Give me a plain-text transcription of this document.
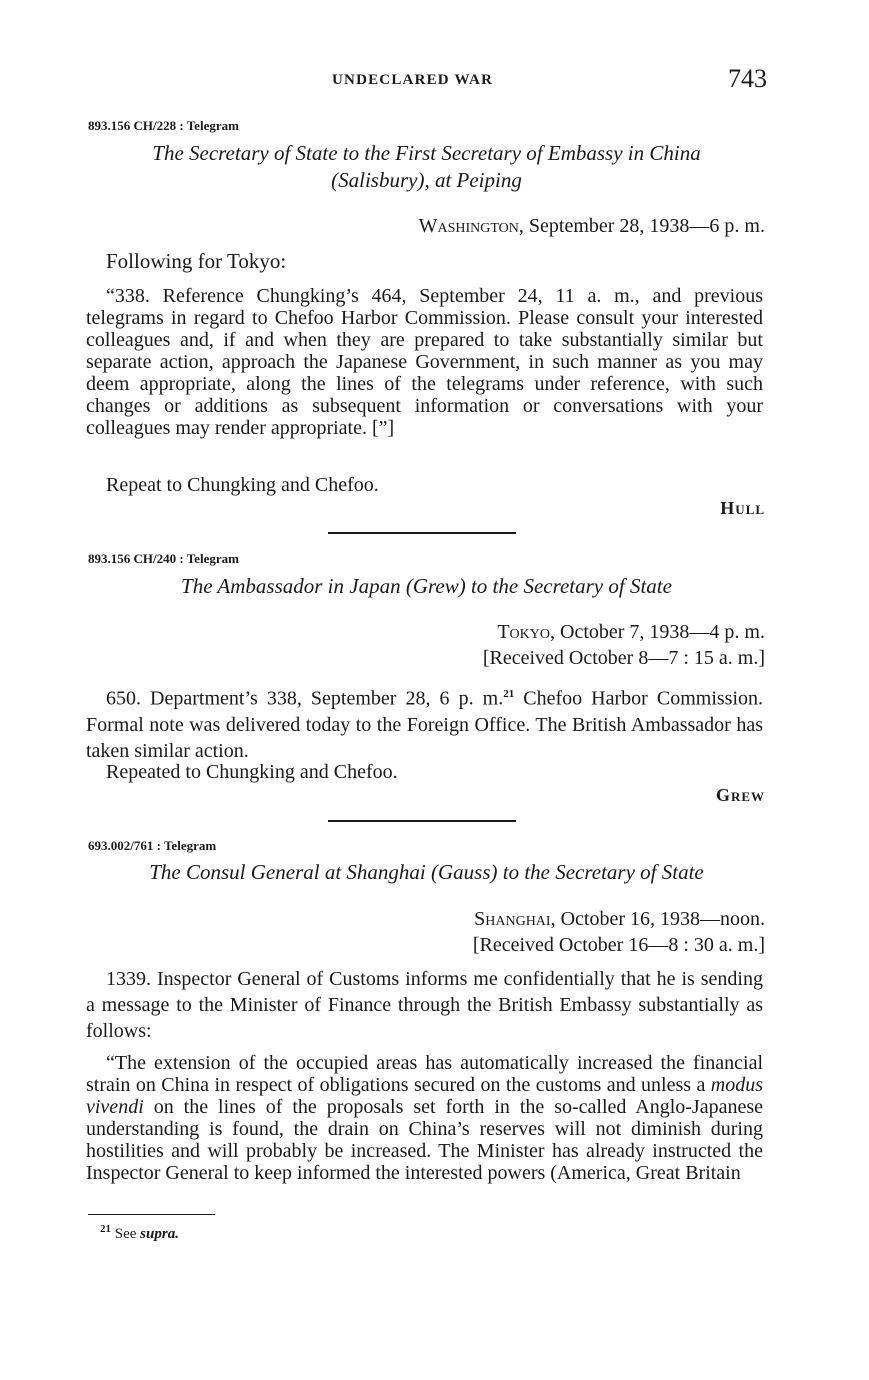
UNDECLARED WAR	743
893.156 CH/228 : Telegram
The Secretary of State to the First Secretary of Embassy in China
(Salisbury), at Peiping
Washington, September 28, 1938—6 p. m.
Following for Tokyo:
“338. Reference Chungking’s 464, September 24, 11 a. m., and previous telegrams in regard to Chefoo Harbor Commission. Please consult your interested colleagues and, if and when they are prepared to take substantially similar but separate action, approach the Japanese Government, in such manner as you may deem appropriate, along the lines of the telegrams under reference, with such changes or additions as subsequent information or conversations with your colleagues may render appropriate. [”]
Repeat to Chungking and Chefoo.
Hull
893.156 CH/240 : Telegram
The Ambassador in Japan (Grew) to the Secretary of State
Tokyo, October 7, 1938—4 p. m.
[Received October 8—7 : 15 a. m.]
650. Department’s 338, September 28, 6 p. m.$^{21}$ Chefoo Harbor Commission. Formal note was delivered today to the Foreign Office. The British Ambassador has taken similar action.
Repeated to Chungking and Chefoo.
Grew
693.002/761 : Telegram
The Consul General at Shanghai (Gauss) to the Secretary of State
Shanghai, October 16, 1938—noon.
[Received October 16—8 : 30 a. m.]
1339. Inspector General of Customs informs me confidentially that he is sending a message to the Minister of Finance through the British Embassy substantially as follows:
“The extension of the occupied areas has automatically increased the financial strain on China in respect of obligations secured on the customs and unless a modus vivendi on the lines of the proposals set forth in the so-called Anglo-Japanese understanding is found, the drain on China’s reserves will not diminish during hostilities and will probably be increased. The Minister has already instructed the Inspector General to keep informed the interested powers (America, Great Britain
$^{21}$ See supra.
